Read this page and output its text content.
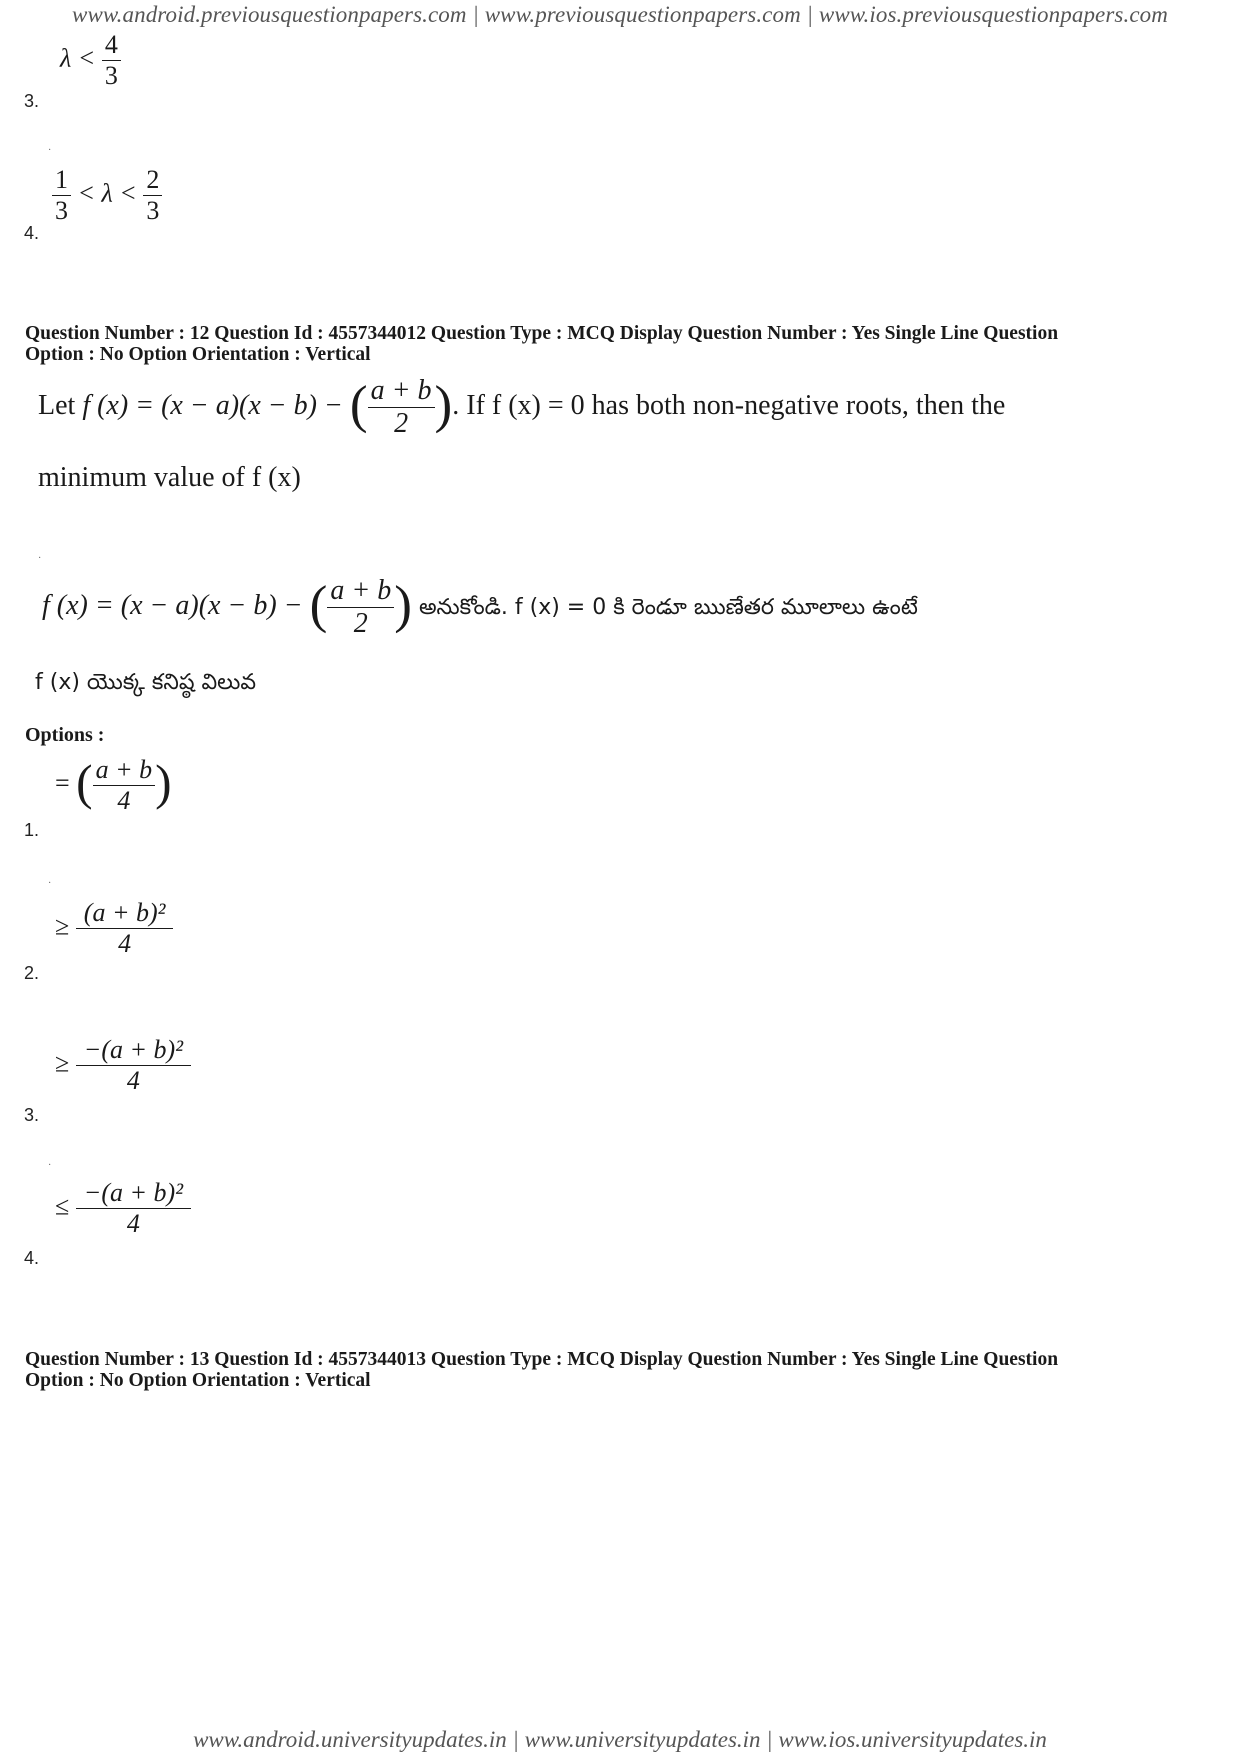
www.android.previousquestionpapers.com | www.previousquestionpapers.com | www.ios.previousquestionpapers.com
$\lambda < \frac{4}{3}$
3.
·
$\frac{1}{3} < \lambda < \frac{2}{3}$
4.
Question Number : 12 Question Id : 4557344012 Question Type : MCQ Display Question Number : Yes Single Line Question
Option : No Option Orientation : Vertical
Let f (x) = (x − a)(x − b) − ( $\frac{a + b}{2}$ ). If f (x) = 0 has both non-negative roots, then the
minimum value of f (x)
·
f (x) = (x − a)(x − b) − ( $\frac{a + b}{2}$ ) అనుకోండి. f (x) = 0 కి రెండూ ఋణేతర మూలాలు ఉంటే
f (x) యొక్క కనిష్ఠ విలువ
Options :
= ( $\frac{a + b}{4}$ )
1.
·
≥ $\frac{\text{(a + b)²}}{4}$
2.
≥ $\frac{\text{−(a + b)²}}{4}$
3.
·
≤ $\frac{\text{−(a + b)²}}{4}$
4.
Question Number : 13 Question Id : 4557344013 Question Type : MCQ Display Question Number : Yes Single Line Question
Option : No Option Orientation : Vertical
www.android.universityupdates.in | www.universityupdates.in | www.ios.universityupdates.in
